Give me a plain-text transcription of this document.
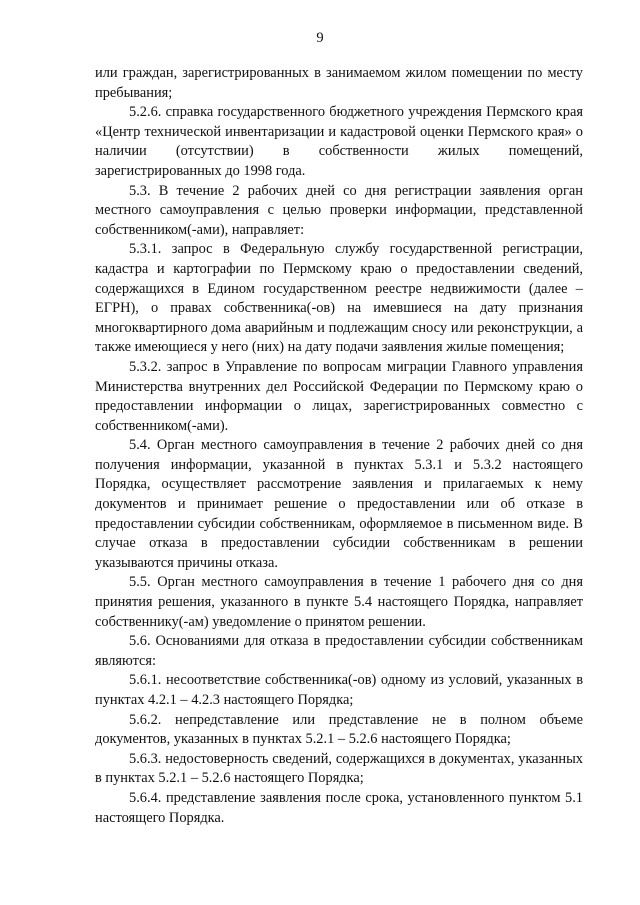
9

или граждан, зарегистрированных в занимаемом жилом помещении по месту пребывания;

5.2.6. справка государственного бюджетного учреждения Пермского края «Центр технической инвентаризации и кадастровой оценки Пермского края» о наличии (отсутствии) в собственности жилых помещений, зарегистрированных до 1998 года.

5.3. В течение 2 рабочих дней со дня регистрации заявления орган местного самоуправления с целью проверки информации, представленной собственником(-ами), направляет:

5.3.1. запрос в Федеральную службу государственной регистрации, кадастра и картографии по Пермскому краю о предоставлении сведений, содержащихся в Едином государственном реестре недвижимости (далее – ЕГРН), о правах собственника(-ов) на имевшиеся на дату признания многоквартирного дома аварийным и подлежащим сносу или реконструкции, а также имеющиеся у него (них) на дату подачи заявления жилые помещения;

5.3.2. запрос в Управление по вопросам миграции Главного управления Министерства внутренних дел Российской Федерации по Пермскому краю о предоставлении информации о лицах, зарегистрированных совместно с собственником(-ами).

5.4. Орган местного самоуправления в течение 2 рабочих дней со дня получения информации, указанной в пунктах 5.3.1 и 5.3.2 настоящего Порядка, осуществляет рассмотрение заявления и прилагаемых к нему документов и принимает решение о предоставлении или об отказе в предоставлении субсидии собственникам, оформляемое в письменном виде. В случае отказа в предоставлении субсидии собственникам в решении указываются причины отказа.

5.5. Орган местного самоуправления в течение 1 рабочего дня со дня принятия решения, указанного в пункте 5.4 настоящего Порядка, направляет собственнику(-ам) уведомление о принятом решении.

5.6. Основаниями для отказа в предоставлении субсидии собственникам являются:

5.6.1. несоответствие собственника(-ов) одному из условий, указанных в пунктах 4.2.1 – 4.2.3 настоящего Порядка;

5.6.2. непредставление или представление не в полном объеме документов, указанных в пунктах 5.2.1 – 5.2.6 настоящего Порядка;

5.6.3. недостоверность сведений, содержащихся в документах, указанных в пунктах 5.2.1 – 5.2.6 настоящего Порядка;

5.6.4. представление заявления после срока, установленного пунктом 5.1 настоящего Порядка.
